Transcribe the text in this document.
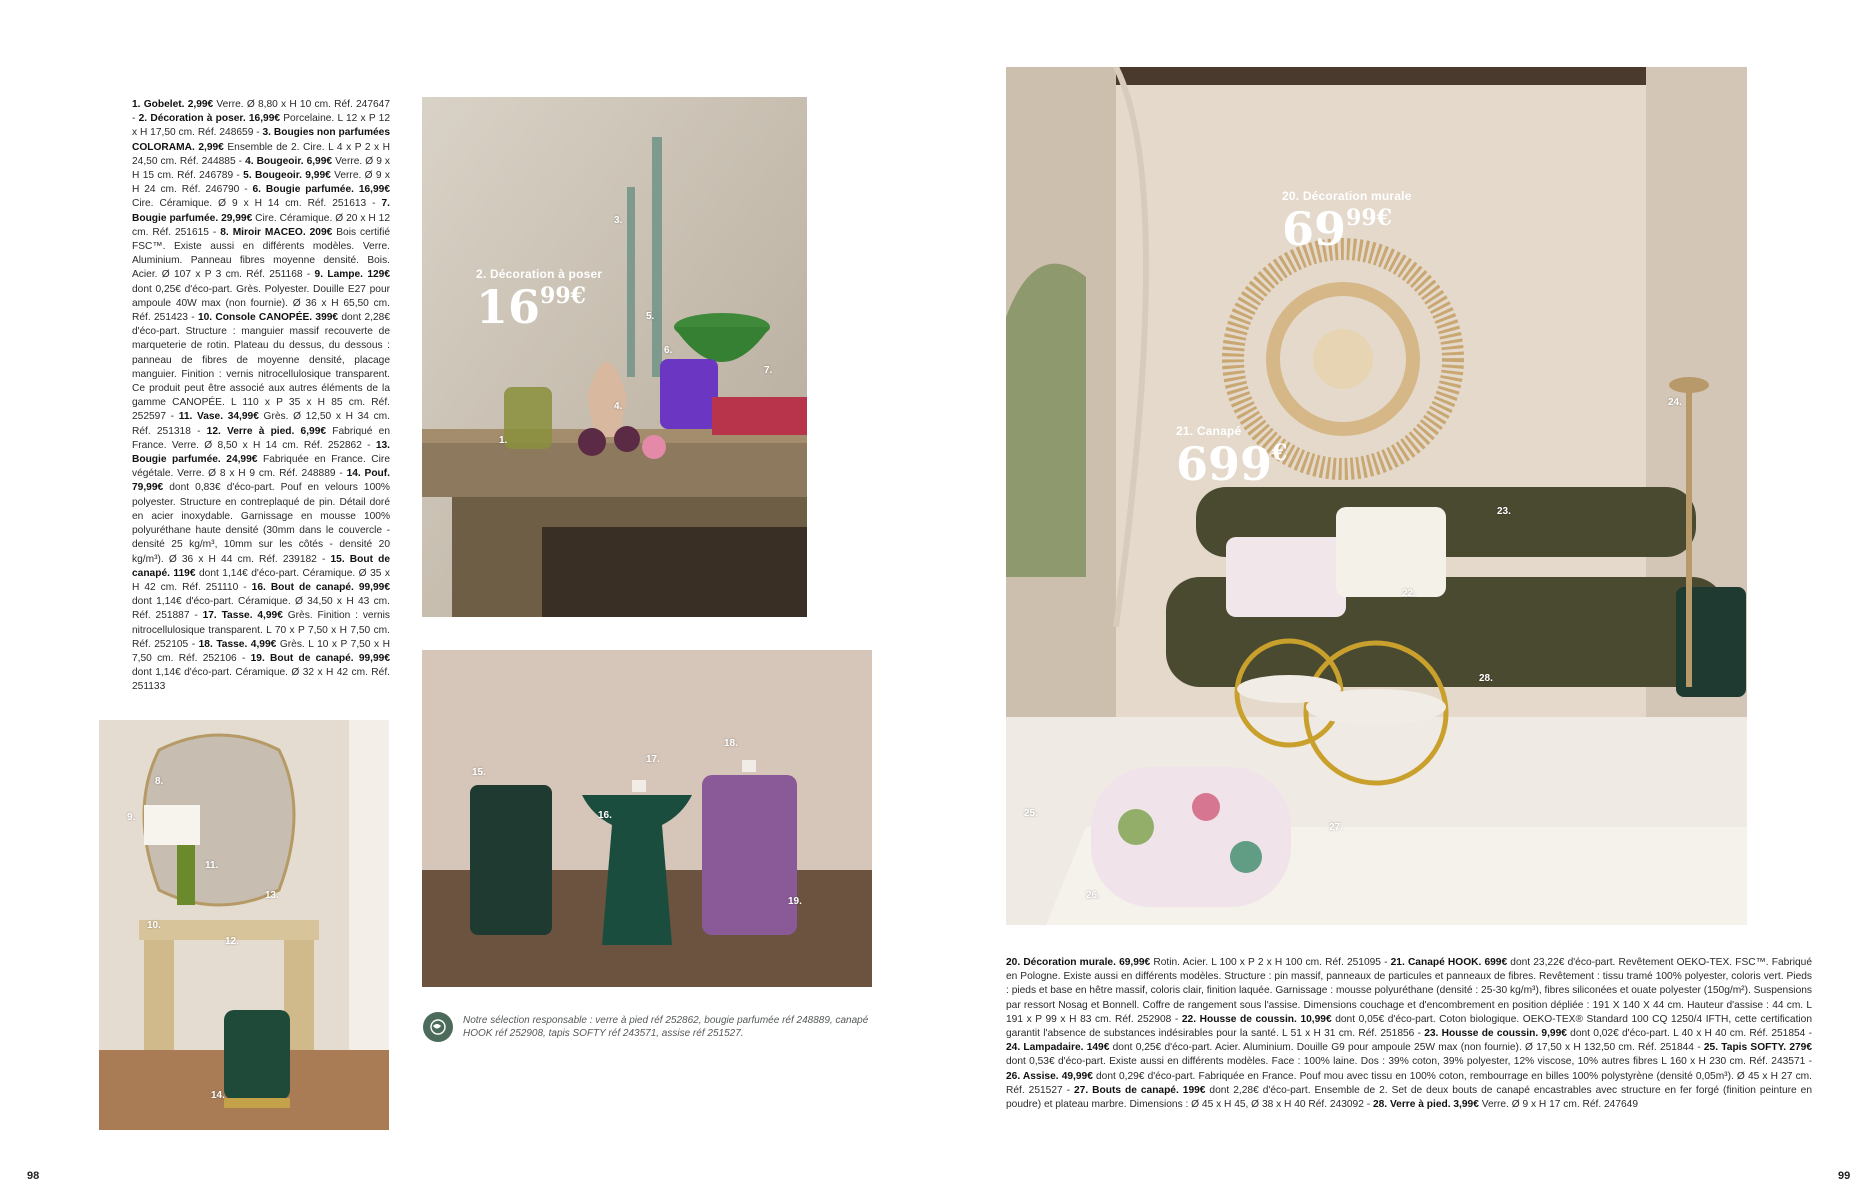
1. Gobelet. 2,99€ Verre. Ø 8,80 x H 10 cm. Réf. 247647 - 2. Décoration à poser. 16,99€ Porcelaine. L 12 x P 12 x H 17,50 cm. Réf. 248659 - 3. Bougies non parfumées COLORAMA. 2,99€ Ensemble de 2. Cire. L 4 x P 2 x H 24,50 cm. Réf. 244885 - 4. Bougeoir. 6,99€ Verre. Ø 9 x H 15 cm. Réf. 246789 - 5. Bougeoir. 9,99€ Verre. Ø 9 x H 24 cm. Réf. 246790 - 6. Bougie parfumée. 16,99€ Cire. Céramique. Ø 9 x H 14 cm. Réf. 251613 - 7. Bougie parfumée. 29,99€ Cire. Céramique. Ø 20 x H 12 cm. Réf. 251615 - 8. Miroir MACEO. 209€ Bois certifié FSC™. Existe aussi en différents modèles. Verre. Aluminium. Panneau fibres moyenne densité. Bois. Acier. Ø 107 x P 3 cm. Réf. 251168 - 9. Lampe. 129€ dont 0,25€ d'éco-part. Grès. Polyester. Douille E27 pour ampoule 40W max (non fournie). Ø 36 x H 65,50 cm. Réf. 251423 - 10. Console CANOPÉE. 399€ dont 2,28€ d'éco-part. Structure : manguier massif recouverte de marqueterie de rotin. Plateau du dessus, du dessous : panneau de fibres de moyenne densité, placage manguier. Finition : vernis nitrocellulosique transparent. Ce produit peut être associé aux autres éléments de la gamme CANOPÉE. L 110 x P 35 x H 85 cm. Réf. 252597 - 11. Vase. 34,99€ Grès. Ø 12,50 x H 34 cm. Réf. 251318 - 12. Verre à pied. 6,99€ Fabriqué en France. Verre. Ø 8,50 x H 14 cm. Réf. 252862 - 13. Bougie parfumée. 24,99€ Fabriquée en France. Cire végétale. Verre. Ø 8 x H 9 cm. Réf. 248889 - 14. Pouf. 79,99€ dont 0,83€ d'éco-part. Pouf en velours 100% polyester. Structure en contreplaqué de pin. Détail doré en acier inoxydable. Garnissage en mousse 100% polyuréthane haute densité (30mm dans le couvercle - densité 25 kg/m³, 10mm sur les côtés - densité 20 kg/m³). Ø 36 x H 44 cm. Réf. 239182 - 15. Bout de canapé. 119€ dont 1,14€ d'éco-part. Céramique. Ø 35 x H 42 cm. Réf. 251110 - 16. Bout de canapé. 99,99€ dont 1,14€ d'éco-part. Céramique. Ø 34,50 x H 43 cm. Réf. 251887 - 17. Tasse. 4,99€ Grès. Finition : vernis nitrocellulosique transparent. L 70 x P 7,50 x H 7,50 cm. Réf. 252105 - 18. Tasse. 4,99€ Grès. L 10 x P 7,50 x H 7,50 cm. Réf. 252106 - 19. Bout de canapé. 99,99€ dont 1,14€ d'éco-part. Céramique. Ø 32 x H 42 cm. Réf. 251133
2. Décoration à poser
1699€
1.
3.
4.
5.
6.
7.
8.
9.
10.
11.
12.
13.
14.
15.
16.
17.
18.
19.
Notre sélection responsable : verre à pied réf 252862, bougie parfumée réf 248889, canapé HOOK réf 252908, tapis SOFTY réf 243571, assise réf 251527.
98
20. Décoration murale
6999€
21. Canapé
699€
22.
23.
24.
25.
26.
27.
28.
99
20. Décoration murale. 69,99€ Rotin. Acier. L 100 x P 2 x H 100 cm. Réf. 251095 - 21. Canapé HOOK. 699€ dont 23,22€ d'éco-part. Revêtement OEKO-TEX. FSC™. Fabriqué en Pologne. Existe aussi en différents modèles. Structure : pin massif, panneaux de particules et panneaux de fibres. Revêtement : tissu tramé 100% polyester, coloris vert. Pieds : pieds et base en hêtre massif, coloris clair, finition laquée. Garnissage : mousse polyuréthane (densité : 25-30 kg/m³), fibres siliconées et ouate polyester (150g/m²). Suspensions par ressort Nosag et Bonnell. Coffre de rangement sous l'assise. Dimensions couchage et d'encombrement en position dépliée : 191 X 140 X 44 cm. Hauteur d'assise : 44 cm. L 191 x P 99 x H 83 cm. Réf. 252908 - 22. Housse de coussin. 10,99€ dont 0,05€ d'éco-part. Coton biologique. OEKO-TEX® Standard 100 CQ 1250/4 IFTH, cette certification garantit l'absence de substances indésirables pour la santé. L 51 x H 31 cm. Réf. 251856 - 23. Housse de coussin. 9,99€ dont 0,02€ d'éco-part. L 40 x H 40 cm. Réf. 251854 - 24. Lampadaire. 149€ dont 0,25€ d'éco-part. Acier. Aluminium. Douille G9 pour ampoule 25W max (non fournie). Ø 17,50 x H 132,50 cm. Réf. 251844 - 25. Tapis SOFTY. 279€ dont 0,53€ d'éco-part. Existe aussi en différents modèles. Face : 100% laine. Dos : 39% coton, 39% polyester, 12% viscose, 10% autres fibres L 160 x H 230 cm. Réf. 243571 - 26. Assise. 49,99€ dont 0,29€ d'éco-part. Fabriquée en France. Pouf mou avec tissu en 100% coton, rembourrage en billes 100% polystyrène (densité 0,05m³). Ø 45 x H 27 cm. Réf. 251527 - 27. Bouts de canapé. 199€ dont 2,28€ d'éco-part. Ensemble de 2. Set de deux bouts de canapé encastrables avec structure en fer forgé (finition peinture en poudre) et plateau marbre. Dimensions : Ø 45 x H 45, Ø 38 x H 40 Réf. 243092 - 28. Verre à pied. 3,99€ Verre. Ø 9 x H 17 cm. Réf. 247649
